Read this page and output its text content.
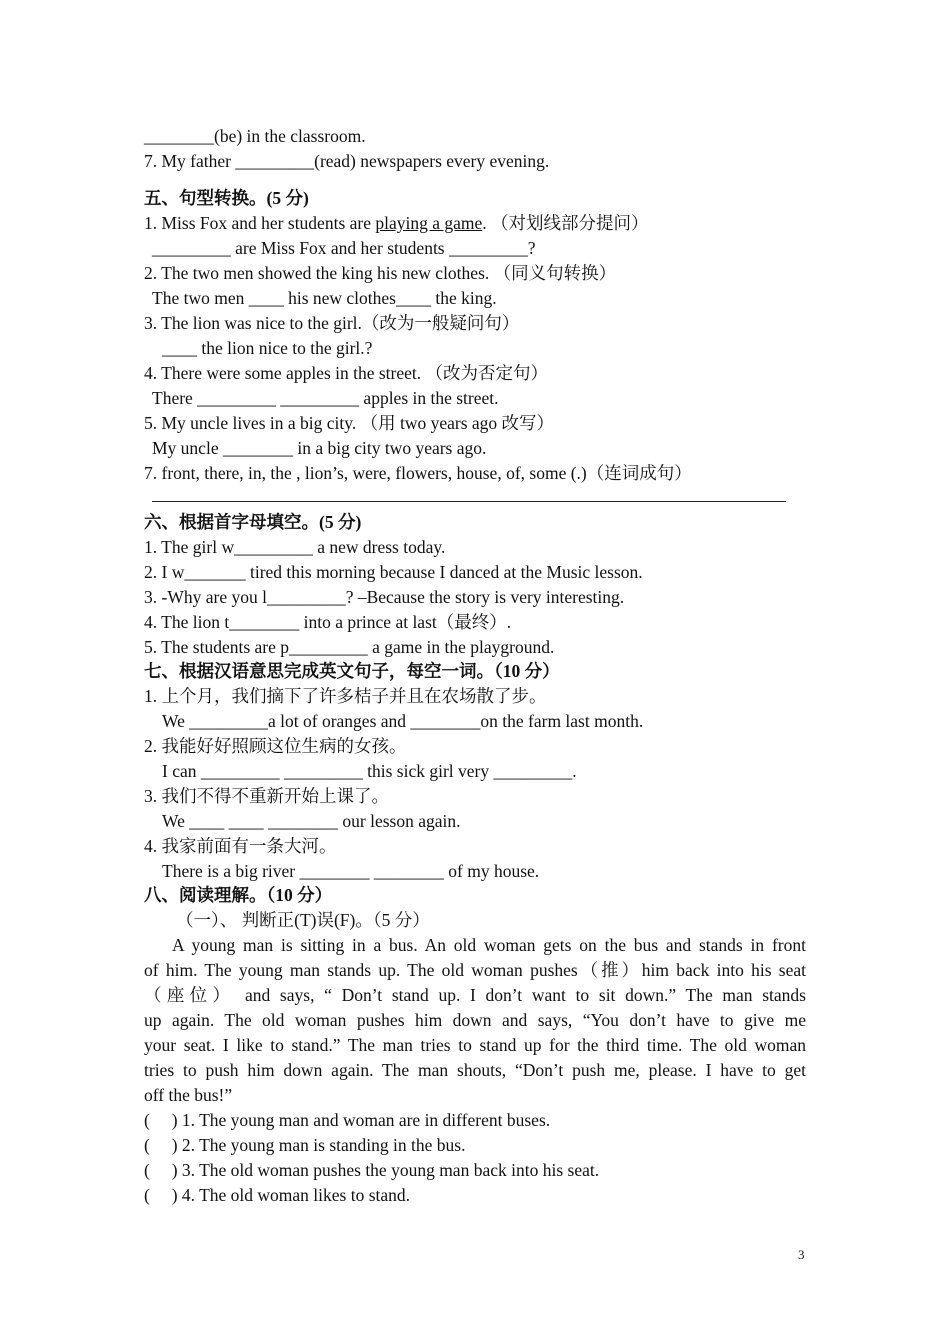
________(be) in the classroom.
7. My father _________(read) newspapers every evening.
五、句型转换。(5 分)
1. Miss Fox and her students are playing a game. （对划线部分提问）
_________ are Miss Fox and her students _________?
2. The two men showed the king his new clothes. （同义句转换）
The two men ____ his new clothes____ the king.
3. The lion was nice to the girl.（改为一般疑问句）
____ the lion nice to the girl.?
4. There were some apples in the street. （改为否定句）
There _________ _________ apples in the street.
5. My uncle lives in a big city. （用 two years ago 改写）
My uncle ________ in a big city two years ago.
7. front, there, in, the , lion’s, were, flowers, house, of, some (.)（连词成句）
六、根据首字母填空。(5 分)
1. The girl w_________ a new dress today.
2. I w_______ tired this morning because I danced at the Music lesson.
3. -Why are you l_________? –Because the story is very interesting.
4. The lion t________ into a prince at last（最终）.
5. The students are p_________ a game in the playground.
七、根据汉语意思完成英文句子，每空一词。（10 分）
1. 上个月，我们摘下了许多桔子并且在农场散了步。
We _________a lot of oranges and ________on the farm last month.
2. 我能好好照顾这位生病的女孩。
I can _________ _________ this sick girl very _________.
3. 我们不得不重新开始上课了。
We ____ ____ ________ our lesson again.
4. 我家前面有一条大河。
There is a big river ________ ________ of my house.
八、阅读理解。（10 分）
（一）、 判断正(T)误(F)。（5 分）
A young man is sitting in a bus. An old woman gets on the bus and stands in front
of him. The young man stands up. The old woman pushes（推）him back into his seat
（座位） and says, “ Don’t stand up. I don’t want to sit down.” The man stands
up again. The old woman pushes him down and says, “You don’t have to give me
your seat. I like to stand.” The man tries to stand up for the third time. The old woman
tries to push him down again. The man shouts, “Don’t push me, please. I have to get
off the bus!”
(     ) 1. The young man and woman are in different buses.
(     ) 2. The young man is standing in the bus.
(     ) 3. The old woman pushes the young man back into his seat.
(     ) 4. The old woman likes to stand.
3
